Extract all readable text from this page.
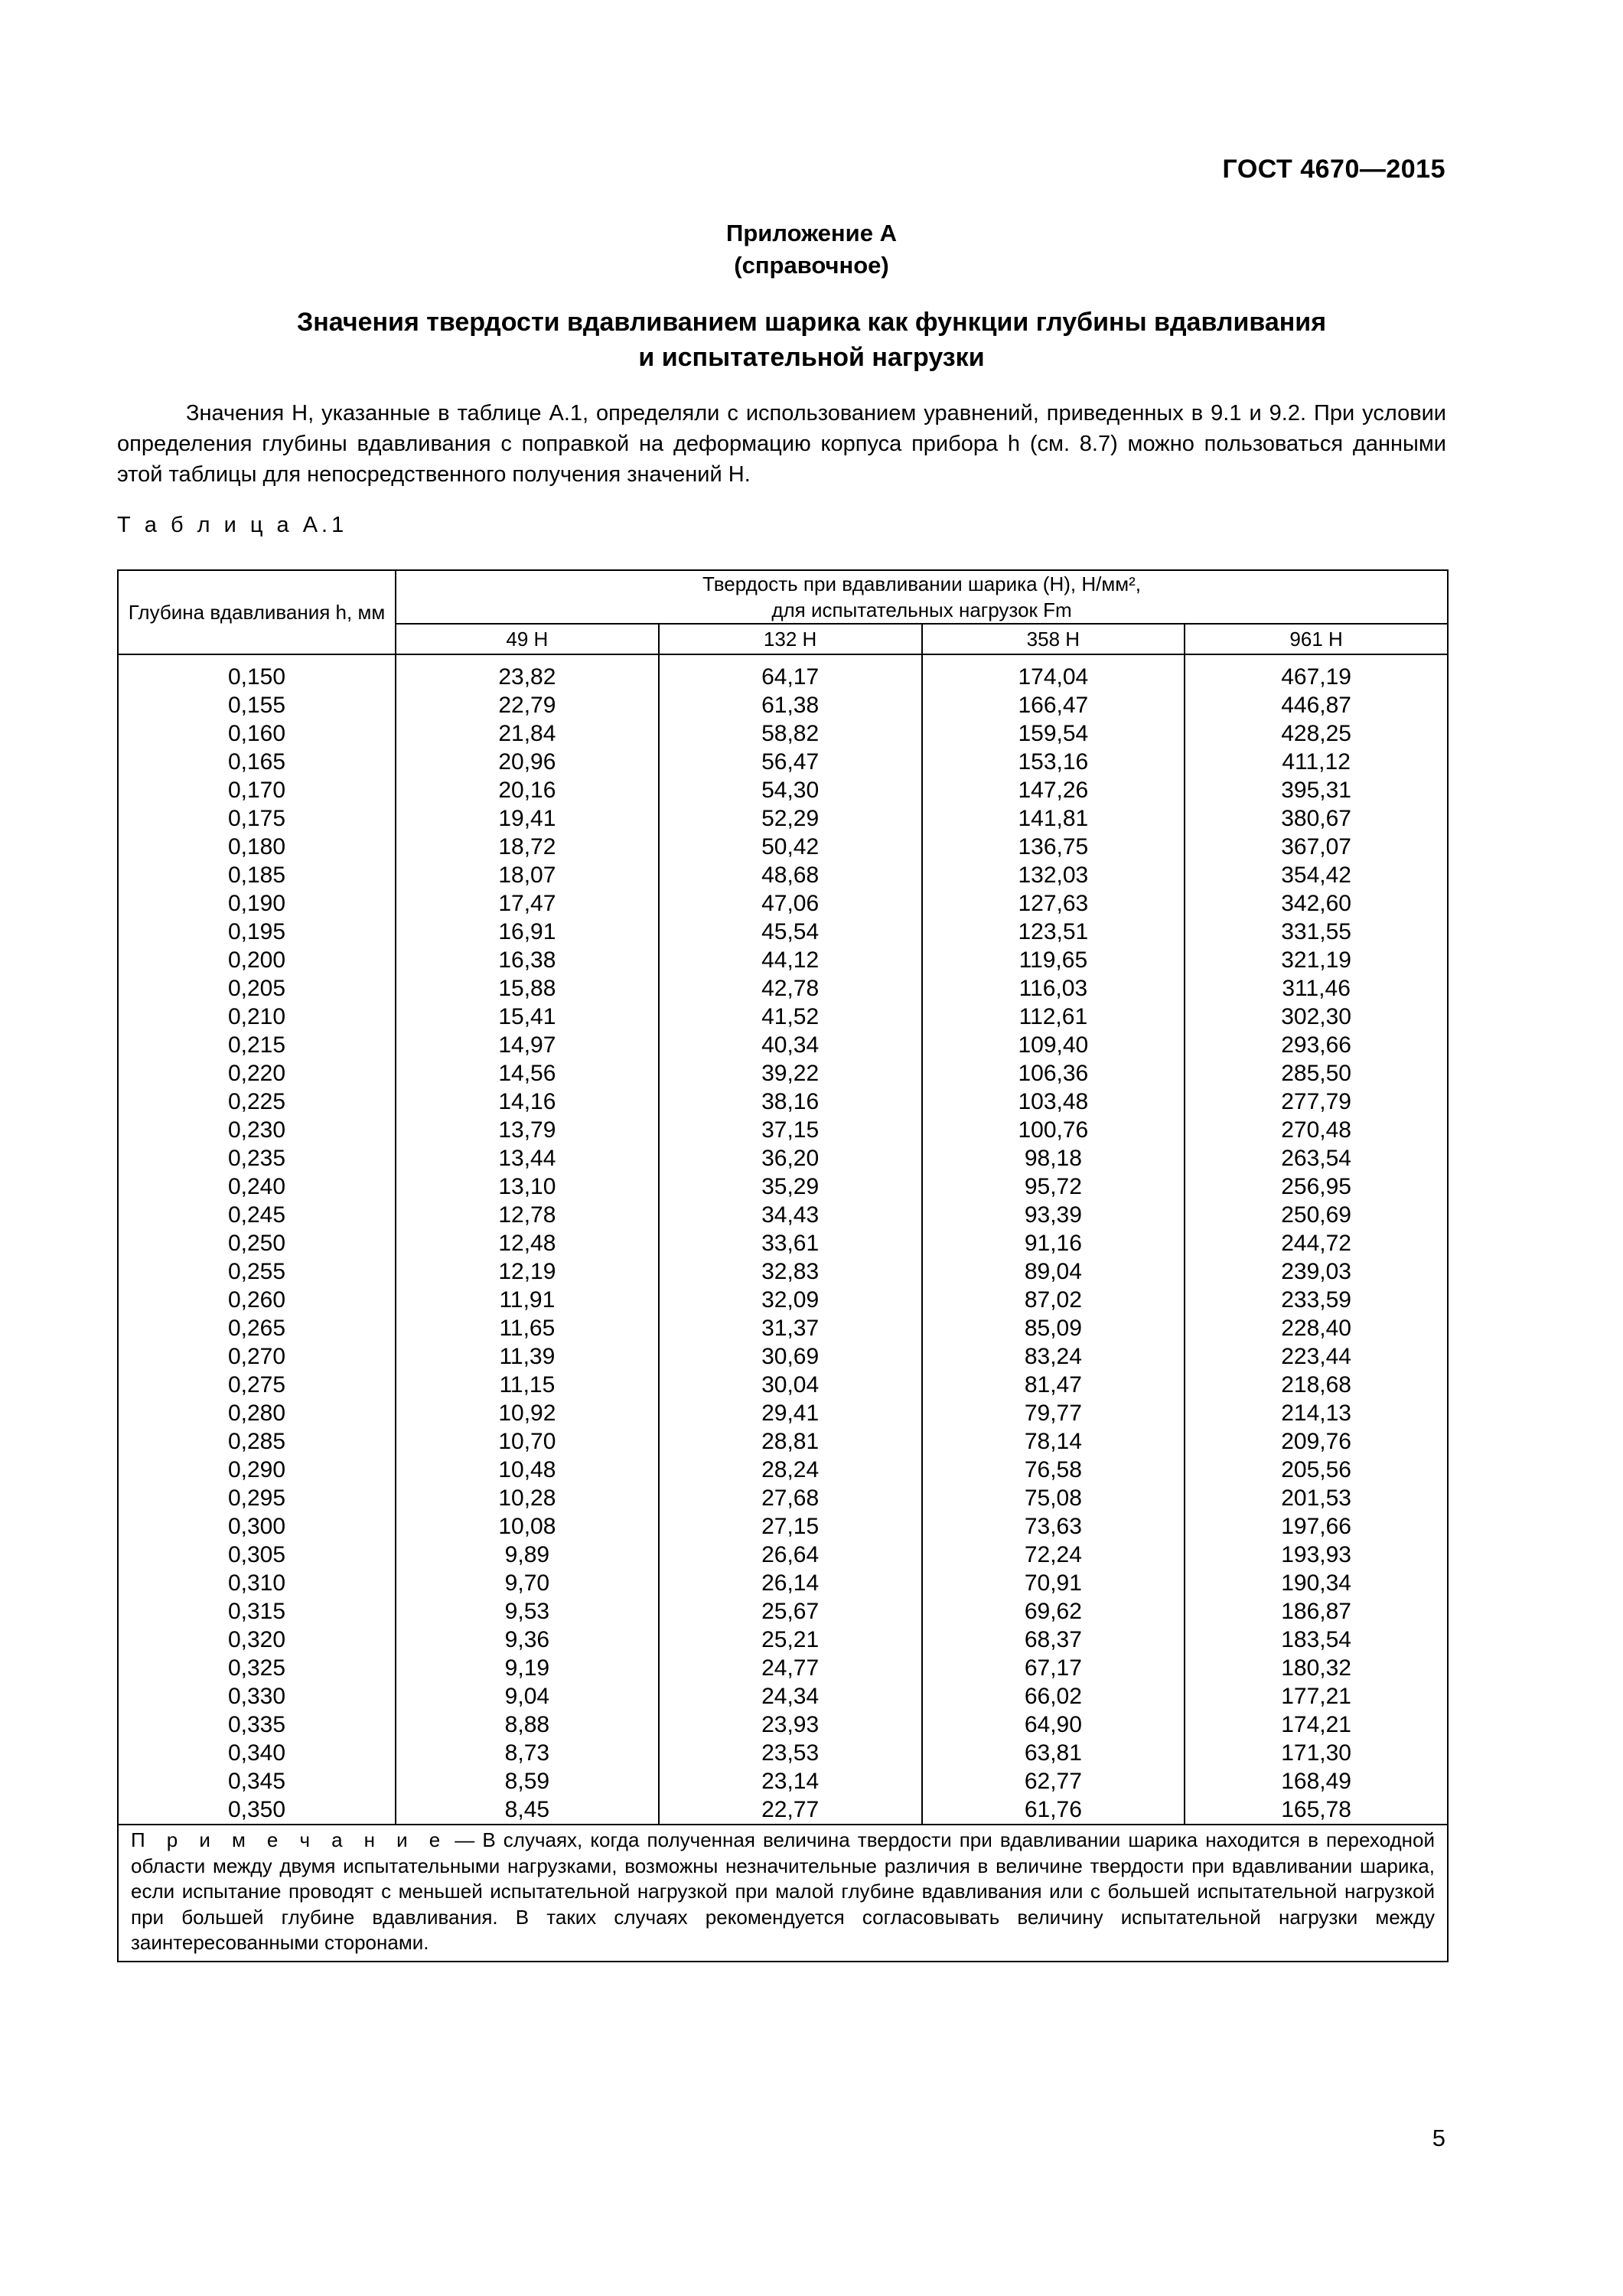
ГОСТ 4670—2015
Приложение А
(справочное)
Значения твердости вдавливанием шарика как функции глубины вдавливания
и испытательной нагрузки

Значения H, указанные в таблице А.1, определяли с использованием уравнений, приведенных в 9.1 и 9.2. При условии определения глубины вдавливания с поправкой на деформацию корпуса прибора h (см. 8.7) можно пользоваться данными этой таблицы для непосредственного получения значений Н.

Т а б л и ц а А.1
Глубина вдавливания h, мм	Твердость при вдавливании шарика (Н), Н/мм²,
для испытательных нагрузок Fm			

	49 Н	132 Н	358 Н	961 Н
0,150	23,82	64,17	174,04	467,19
0,155	22,79	61,38	166,47	446,87
0,160	21,84	58,82	159,54	428,25
0,165	20,96	56,47	153,16	411,12
0,170	20,16	54,30	147,26	395,31
0,175	19,41	52,29	141,81	380,67
0,180	18,72	50,42	136,75	367,07
0,185	18,07	48,68	132,03	354,42
0,190	17,47	47,06	127,63	342,60
0,195	16,91	45,54	123,51	331,55
0,200	16,38	44,12	119,65	321,19
0,205	15,88	42,78	116,03	311,46
0,210	15,41	41,52	112,61	302,30
0,215	14,97	40,34	109,40	293,66
0,220	14,56	39,22	106,36	285,50
0,225	14,16	38,16	103,48	277,79
0,230	13,79	37,15	100,76	270,48
0,235	13,44	36,20	98,18	263,54
0,240	13,10	35,29	95,72	256,95
0,245	12,78	34,43	93,39	250,69
0,250	12,48	33,61	91,16	244,72
0,255	12,19	32,83	89,04	239,03
0,260	11,91	32,09	87,02	233,59
0,265	11,65	31,37	85,09	228,40
0,270	11,39	30,69	83,24	223,44
0,275	11,15	30,04	81,47	218,68
0,280	10,92	29,41	79,77	214,13
0,285	10,70	28,81	78,14	209,76
0,290	10,48	28,24	76,58	205,56
0,295	10,28	27,68	75,08	201,53
0,300	10,08	27,15	73,63	197,66
0,305	9,89	26,64	72,24	193,93
0,310	9,70	26,14	70,91	190,34
0,315	9,53	25,67	69,62	186,87
0,320	9,36	25,21	68,37	183,54
0,325	9,19	24,77	67,17	180,32
0,330	9,04	24,34	66,02	177,21
0,335	8,88	23,93	64,90	174,21
0,340	8,73	23,53	63,81	171,30
0,345	8,59	23,14	62,77	168,49
0,350	8,45	22,77	61,76	165,78
П р и м е ч а н и е — В случаях, когда полученная величина твердости при вдавливании шарика находится в переходной области между двумя испытательными нагрузками, возможны незначительные различия в величине твердости при вдавливании шарика, если испытание проводят с меньшей испытательной нагрузкой при малой глубине вдавливания или с большей испытательной нагрузкой при большей глубине вдавливания. В таких случаях рекомендуется согласовывать величину испытательной нагрузки между заинтересованными сторонами.				
5
